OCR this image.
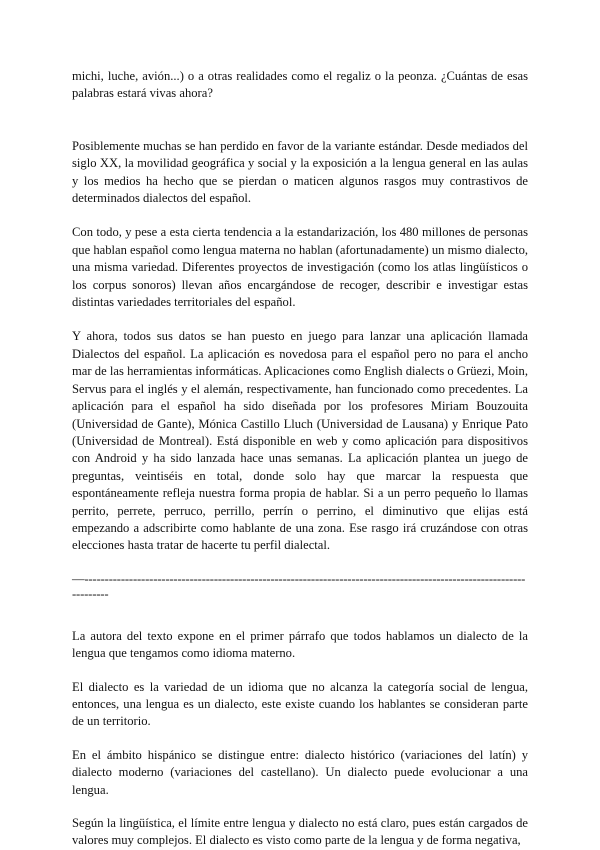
michi, luche, avión...) o a otras realidades como el regaliz o la peonza. ¿Cuántas de esas palabras estará vivas ahora?

Posiblemente muchas se han perdido en favor de la variante estándar. Desde mediados del siglo XX, la movilidad geográfica y social y la exposición a la lengua general en las aulas y los medios ha hecho que se pierdan o maticen algunos rasgos muy contrastivos de determinados dialectos del español.

Con todo, y pese a esta cierta tendencia a la estandarización, los 480 millones de personas que hablan español como lengua materna no hablan (afortunadamente) un mismo dialecto, una misma variedad. Diferentes proyectos de investigación (como los atlas lingüísticos o los corpus sonoros) llevan años encargándose de recoger, describir e investigar estas distintas variedades territoriales del español.

Y ahora, todos sus datos se han puesto en juego para lanzar una aplicación llamada Dialectos del español. La aplicación es novedosa para el español pero no para el ancho mar de las herramientas informáticas. Aplicaciones como English dialects o Grüezi, Moin, Servus para el inglés y el alemán, respectivamente, han funcionado como precedentes. La aplicación para el español ha sido diseñada por los profesores Miriam Bouzouita (Universidad de Gante), Mónica Castillo Lluch (Universidad de Lausana) y Enrique Pato (Universidad de Montreal). Está disponible en web y como aplicación para dispositivos con Android y ha sido lanzada hace unas semanas. La aplicación plantea un juego de preguntas, veintiséis en total, donde solo hay que marcar la respuesta que espontáneamente refleja nuestra forma propia de hablar. Si a un perro pequeño lo llamas perrito, perrete, perruco, perrillo, perrín o perrino, el diminutivo que elijas está empezando a adscribirte como hablante de una zona. Ese rasgo irá cruzándose con otras elecciones hasta tratar de hacerte tu perfil dialectal.

—----------------------------------------------------------------------------------------------------------------------

La autora del texto expone en el primer párrafo que todos hablamos un dialecto de la lengua que tengamos como idioma materno.

El dialecto es la variedad de un idioma que no alcanza la categoría social de lengua, entonces, una lengua es un dialecto, este existe cuando los hablantes se consideran parte de un territorio.

En el ámbito hispánico se distingue entre: dialecto histórico (variaciones del latín) y dialecto moderno (variaciones del castellano). Un dialecto puede evolucionar a una lengua.

Según la lingüística, el límite entre lengua y dialecto no está claro, pues están cargados de valores muy complejos. El dialecto es visto como parte de la lengua y de forma negativa,
